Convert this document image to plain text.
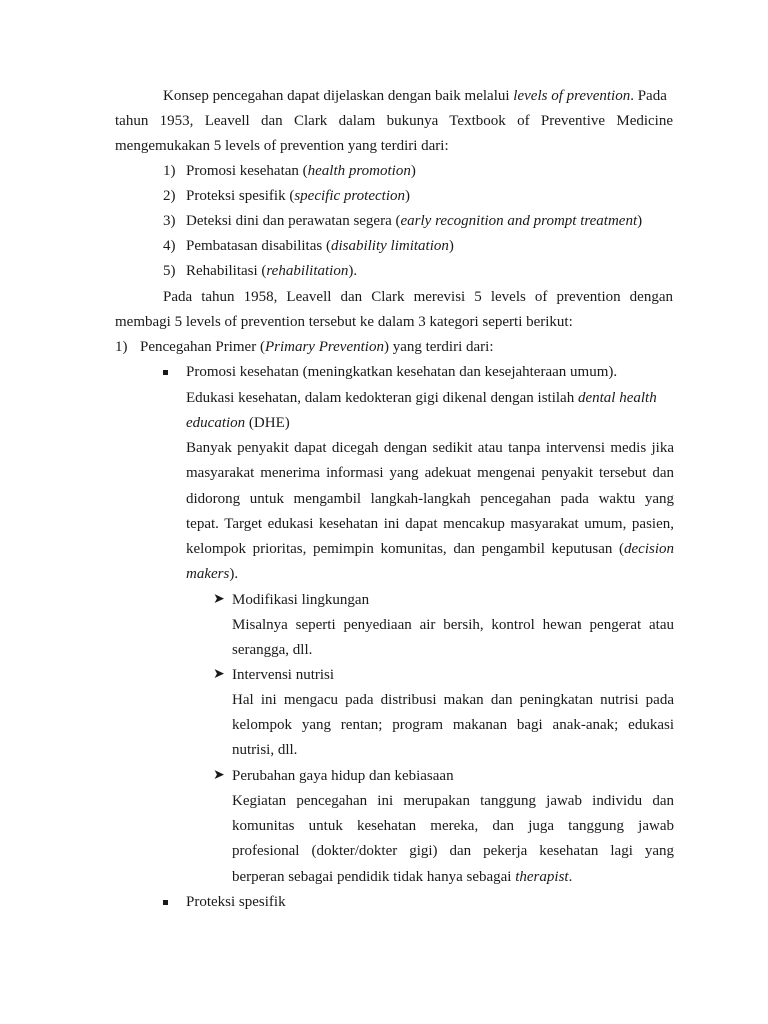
Konsep pencegahan dapat dijelaskan dengan baik melalui levels of prevention. Pada
tahun 1953, Leavell dan Clark dalam bukunya Textbook of Preventive Medicine
mengemukakan 5 levels of prevention yang terdiri dari:
1) Promosi kesehatan (health promotion)
2) Proteksi spesifik (specific protection)
3) Deteksi dini dan perawatan segera (early recognition and prompt treatment)
4) Pembatasan disabilitas (disability limitation)
5) Rehabilitasi (rehabilitation).
Pada tahun 1958, Leavell dan Clark merevisi 5 levels of prevention dengan
membagi 5 levels of prevention tersebut ke dalam 3 kategori seperti berikut:
1) Pencegahan Primer (Primary Prevention) yang terdiri dari:
Promosi kesehatan (meningkatkan kesehatan dan kesejahteraan umum).
Edukasi kesehatan, dalam kedokteran gigi dikenal dengan istilah dental health
education (DHE)
Banyak penyakit dapat dicegah dengan sedikit atau tanpa intervensi medis jika
masyarakat menerima informasi yang adekuat mengenai penyakit tersebut dan
didorong untuk mengambil langkah-langkah pencegahan pada waktu yang
tepat. Target edukasi kesehatan ini dapat mencakup masyarakat umum, pasien,
kelompok prioritas, pemimpin komunitas, dan pengambil keputusan (decision
makers).
➤ Modifikasi lingkungan
Misalnya seperti penyediaan air bersih, kontrol hewan pengerat atau
serangga, dll.
➤ Intervensi nutrisi
Hal ini mengacu pada distribusi makan dan peningkatan nutrisi pada
kelompok yang rentan; program makanan bagi anak-anak; edukasi
nutrisi, dll.
➤ Perubahan gaya hidup dan kebiasaan
Kegiatan pencegahan ini merupakan tanggung jawab individu dan
komunitas untuk kesehatan mereka, dan juga tanggung jawab
profesional (dokter/dokter gigi) dan pekerja kesehatan lagi yang
berperan sebagai pendidik tidak hanya sebagai therapist.
Proteksi spesifik
